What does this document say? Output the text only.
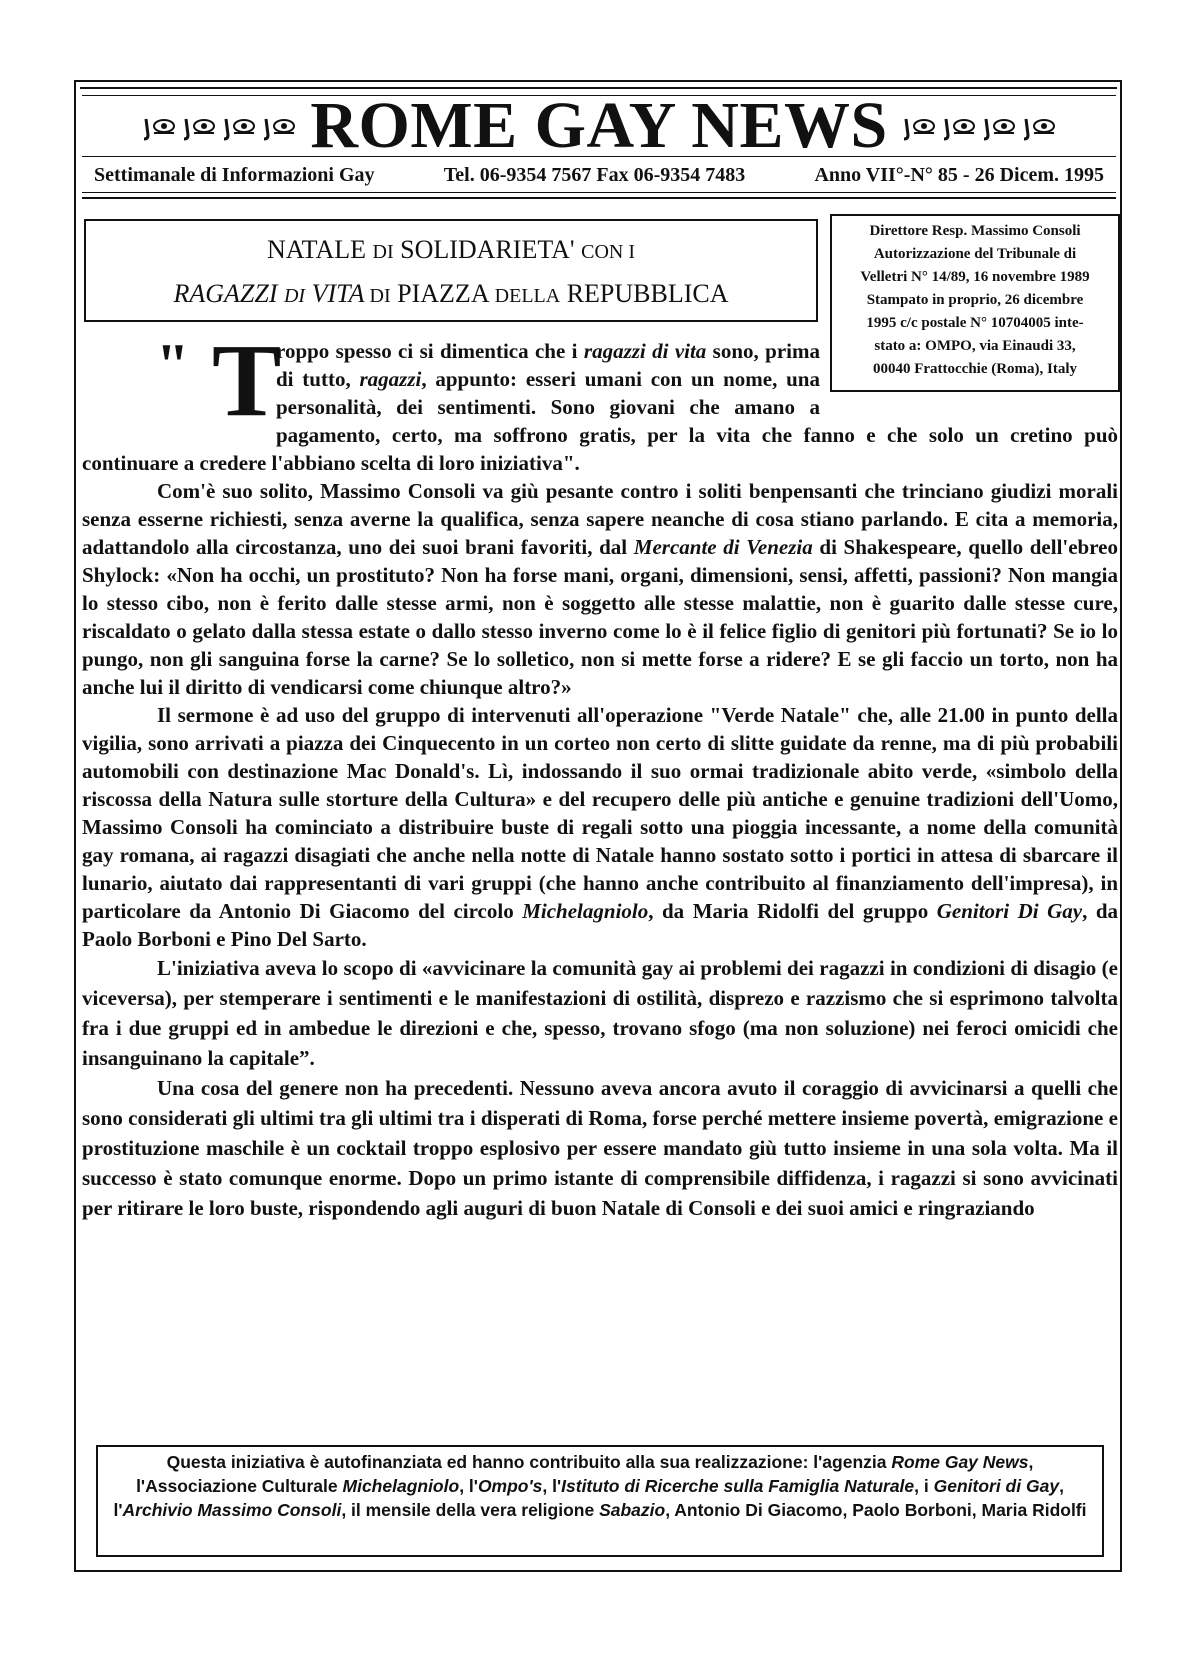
ROME GAY NEWS
Settimanale di Informazioni Gay	Tel. 06-9354 7567 Fax 06-9354 7483	Anno VII°-N° 85 - 26 Dicem. 1995
NATALE DI SOLIDARIETA' CON I
RAGAZZI DI VITA DI PIAZZA DELLA REPUBBLICA
Direttore Resp. Massimo Consoli
Autorizzazione del Tribunale di
Velletri N° 14/89, 16 novembre 1989
Stampato in proprio, 26 dicembre
1995 c/c postale N° 10704005 inte-
stato a: OMPO, via Einaudi 33,
00040 Frattocchie (Roma), Italy

" T
roppo spesso ci si dimentica che i ragazzi di vita sono, prima di tutto, ragazzi, appunto: esseri umani con un nome, una personalità, dei sentimenti. Sono giovani che amano a pagamento, certo, ma soffrono gratis, per la vita che fanno e che solo un cretino può continuare a credere l'abbiano scelta di loro iniziativa".

Com'è suo solito, Massimo Consoli va giù pesante contro i soliti benpensanti che trinciano giudizi morali senza esserne richiesti, senza averne la qualifica, senza sapere neanche di cosa stiano parlando. E cita a memoria, adattandolo alla circostanza, uno dei suoi brani favoriti, dal Mercante di Venezia di Shakespeare, quello dell'ebreo Shylock: «Non ha occhi, un prostituto? Non ha forse mani, organi, dimensioni, sensi, affetti, passioni? Non mangia lo stesso cibo, non è ferito dalle stesse armi, non è soggetto alle stesse malattie, non è guarito dalle stesse cure, riscaldato o gelato dalla stessa estate o dallo stesso inverno come lo è il felice figlio di genitori più fortunati? Se io lo pungo, non gli sanguina forse la carne? Se lo solletico, non si mette forse a ridere? E se gli faccio un torto, non ha anche lui il diritto di vendicarsi come chiunque altro?»

Il sermone è ad uso del gruppo di intervenuti all'operazione "Verde Natale" che, alle 21.00 in punto della vigilia, sono arrivati a piazza dei Cinquecento in un corteo non certo di slitte guidate da renne, ma di più probabili automobili con destinazione Mac Donald's. Lì, indossando il suo ormai tradizionale abito verde, «simbolo della riscossa della Natura sulle storture della Cultura» e del recupero delle più antiche e genuine tradizioni dell'Uomo, Massimo Consoli ha cominciato a distribuire buste di regali sotto una pioggia incessante, a nome della comunità gay romana, ai ragazzi disagiati che anche nella notte di Natale hanno sostato sotto i portici in attesa di sbarcare il lunario, aiutato dai rappresentanti di vari gruppi (che hanno anche contribuito al finanziamento dell'impresa), in particolare da Antonio Di Giacomo del circolo Michelagniolo, da Maria Ridolfi del gruppo Genitori Di Gay, da Paolo Borboni e Pino Del Sarto.

L'iniziativa aveva lo scopo di «avvicinare la comunità gay ai problemi dei ragazzi in condizioni di disagio (e viceversa), per stemperare i sentimenti e le manifestazioni di ostilità, disprezo e razzismo che si esprimono talvolta fra i due gruppi ed in ambedue le direzioni e che, spesso, trovano sfogo (ma non soluzione) nei feroci omicidi che insanguinano la capitale”.

Una cosa del genere non ha precedenti. Nessuno aveva ancora avuto il coraggio di avvicinarsi a quelli che sono considerati gli ultimi tra gli ultimi tra i disperati di Roma, forse perché mettere insieme povertà, emigrazione e prostituzione maschile è un cocktail troppo esplosivo per essere mandato giù tutto insieme in una sola volta. Ma il successo è stato comunque enorme. Dopo un primo istante di comprensibile diffidenza, i ragazzi si sono avvicinati per ritirare le loro buste, rispondendo agli auguri di buon Natale di Consoli e dei suoi amici e ringraziando

Questa iniziativa è autofinanziata ed hanno contribuito alla sua realizzazione: l'agenzia Rome Gay News, l'Associazione Culturale Michelagniolo, l'Ompo's, l'Istituto di Ricerche sulla Famiglia Naturale, i Genitori di Gay, l'Archivio Massimo Consoli, il mensile della vera religione Sabazio, Antonio Di Giacomo, Paolo Borboni, Maria Ridolfi
